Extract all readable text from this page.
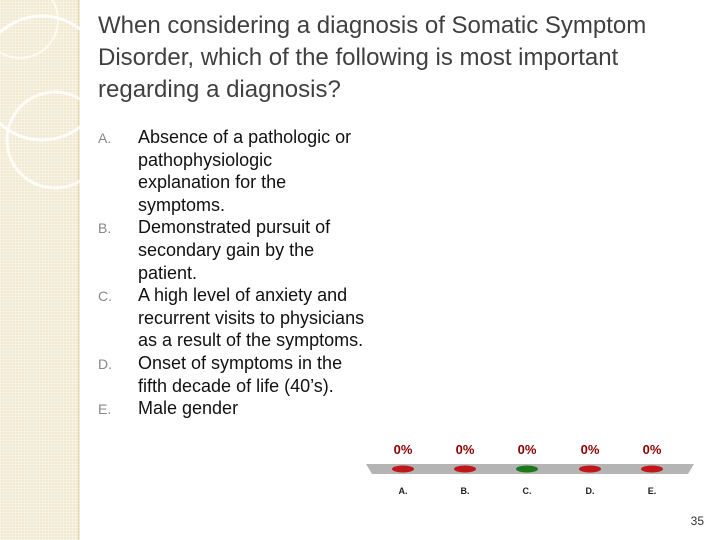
When considering a diagnosis of Somatic Symptom Disorder, which of the following is most important regarding a diagnosis?
A. Absence of a pathologic or pathophysiologic explanation for the symptoms.
B. Demonstrated pursuit of secondary gain by the patient.
C. A high level of anxiety and recurrent visits to physicians as a result of the symptoms.
D. Onset of symptoms in the fifth decade of life (40’s).
E. Male gender
0%
A.
0%
B.
0%
C.
0%
D.
0%
E.
35
